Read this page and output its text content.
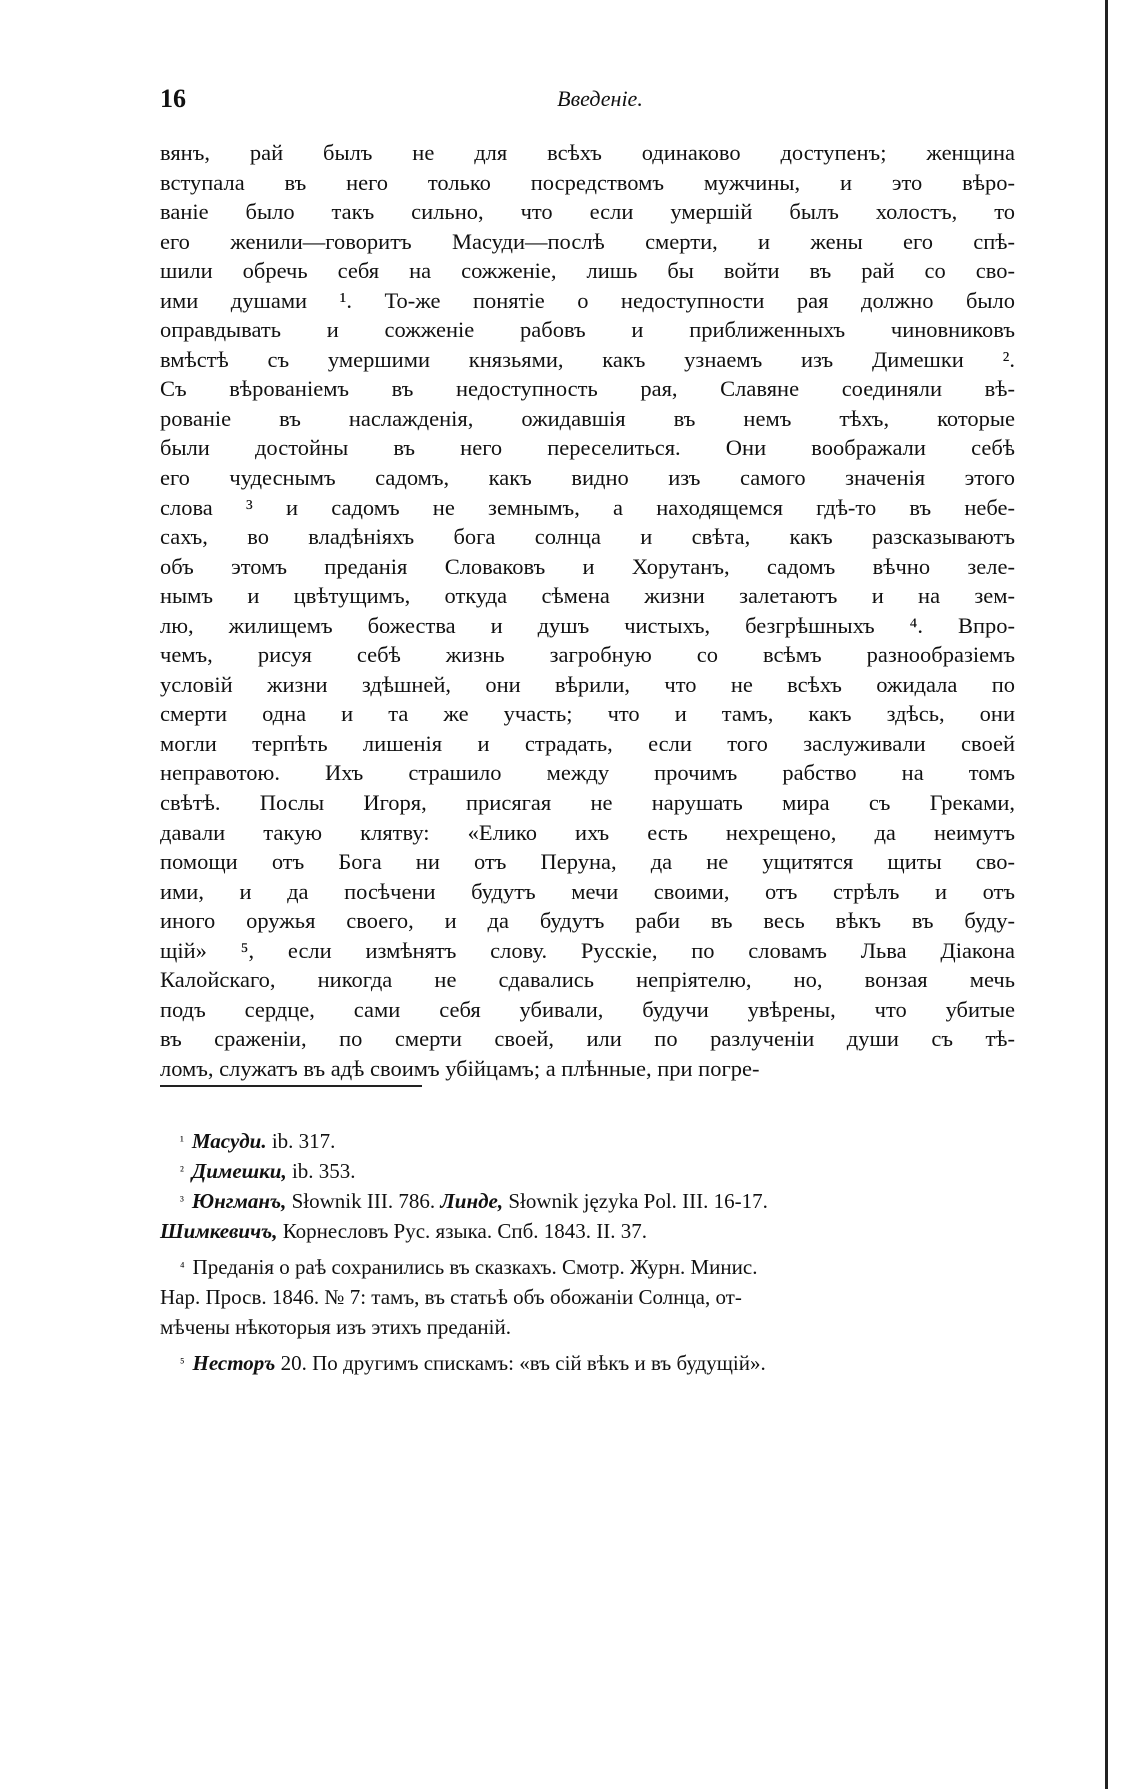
16	Введеніе.
вянъ, рай былъ не для всѣхъ одинаково доступенъ; женщина
вступала въ него только посредствомъ мужчины, и это вѣро-
ваніе было такъ сильно, что если умершій былъ холостъ, то
его женили—говоритъ Масуди—послѣ смерти, и жены его спѣ-
шили обречь себя на сожженіе, лишь бы войти въ рай со сво-
ими душами ¹. То-же понятіе о недоступности рая должно было
оправдывать и сожженіе рабовъ и приближенныхъ чиновниковъ
вмѣстѣ съ умершими князьями, какъ узнаемъ изъ Димешки ².
Съ вѣрованіемъ въ недоступность рая, Славяне соединяли вѣ-
рованіе въ наслажденія, ожидавшія въ немъ тѣхъ, которые
были достойны въ него переселиться. Они воображали себѣ
его чудеснымъ садомъ, какъ видно изъ самого значенія этого
слова ³ и садомъ не земнымъ, а находящемся гдѣ-то въ небе-
сахъ, во владѣніяхъ бога солнца и свѣта, какъ разсказываютъ
объ этомъ преданія Словаковъ и Хорутанъ, садомъ вѣчно зеле-
нымъ и цвѣтущимъ, откуда сѣмена жизни залетаютъ и на зем-
лю, жилищемъ божества и душъ чистыхъ, безгрѣшныхъ ⁴. Впро-
чемъ, рисуя себѣ жизнь загробную со всѣмъ разнообразіемъ
условій жизни здѣшней, они вѣрили, что не всѣхъ ожидала по
смерти одна и та же участь; что и тамъ, какъ здѣсь, они
могли терпѣть лишенія и страдать, если того заслуживали своей
неправотою. Ихъ страшило между прочимъ рабство на томъ
свѣтѣ. Послы Игоря, присягая не нарушать мира съ Греками,
давали такую клятву: «Елико ихъ есть нехрещено, да неимутъ
помощи отъ Бога ни отъ Перуна, да не ущитятся щиты сво-
ими, и да посѣчени будутъ мечи своими, отъ стрѣлъ и отъ
иного оружья своего, и да будутъ раби въ весь вѣкъ въ буду-
щій» ⁵, если измѣнятъ слову. Русскіе, по словамъ Льва Діакона
Калойскаго, никогда не сдавались непріятелю, но, вонзая мечь
подъ сердце, сами себя убивали, будучи увѣрены, что убитые
въ сраженіи, по смерти своей, или по разлученіи души съ тѣ-
ломъ, служатъ въ адѣ своимъ убійцамъ; а плѣнные, при погре-
$^{^1}$ Масуди. ib. 317.
$^{^2}$ Димешки, ib. 353.
$^{^3}$ Юнгманъ, Słownik III. 786. Линде, Słownik języka Pol. III. 16-17.
Шимкевичъ, Корнесловъ Рус. языка. Спб. 1843. II. 37.
$^{^4}$ Преданія о раѣ сохранились въ сказкахъ. Смотр. Журн. Минис.
Нар. Просв. 1846. № 7: тамъ, въ статьѣ объ обожаніи Солнца, от-
мѣчены нѣкоторыя изъ этихъ преданій.
$^{^5}$ Несторъ 20. По другимъ спискамъ: «въ сій вѣкъ и въ будущій».
